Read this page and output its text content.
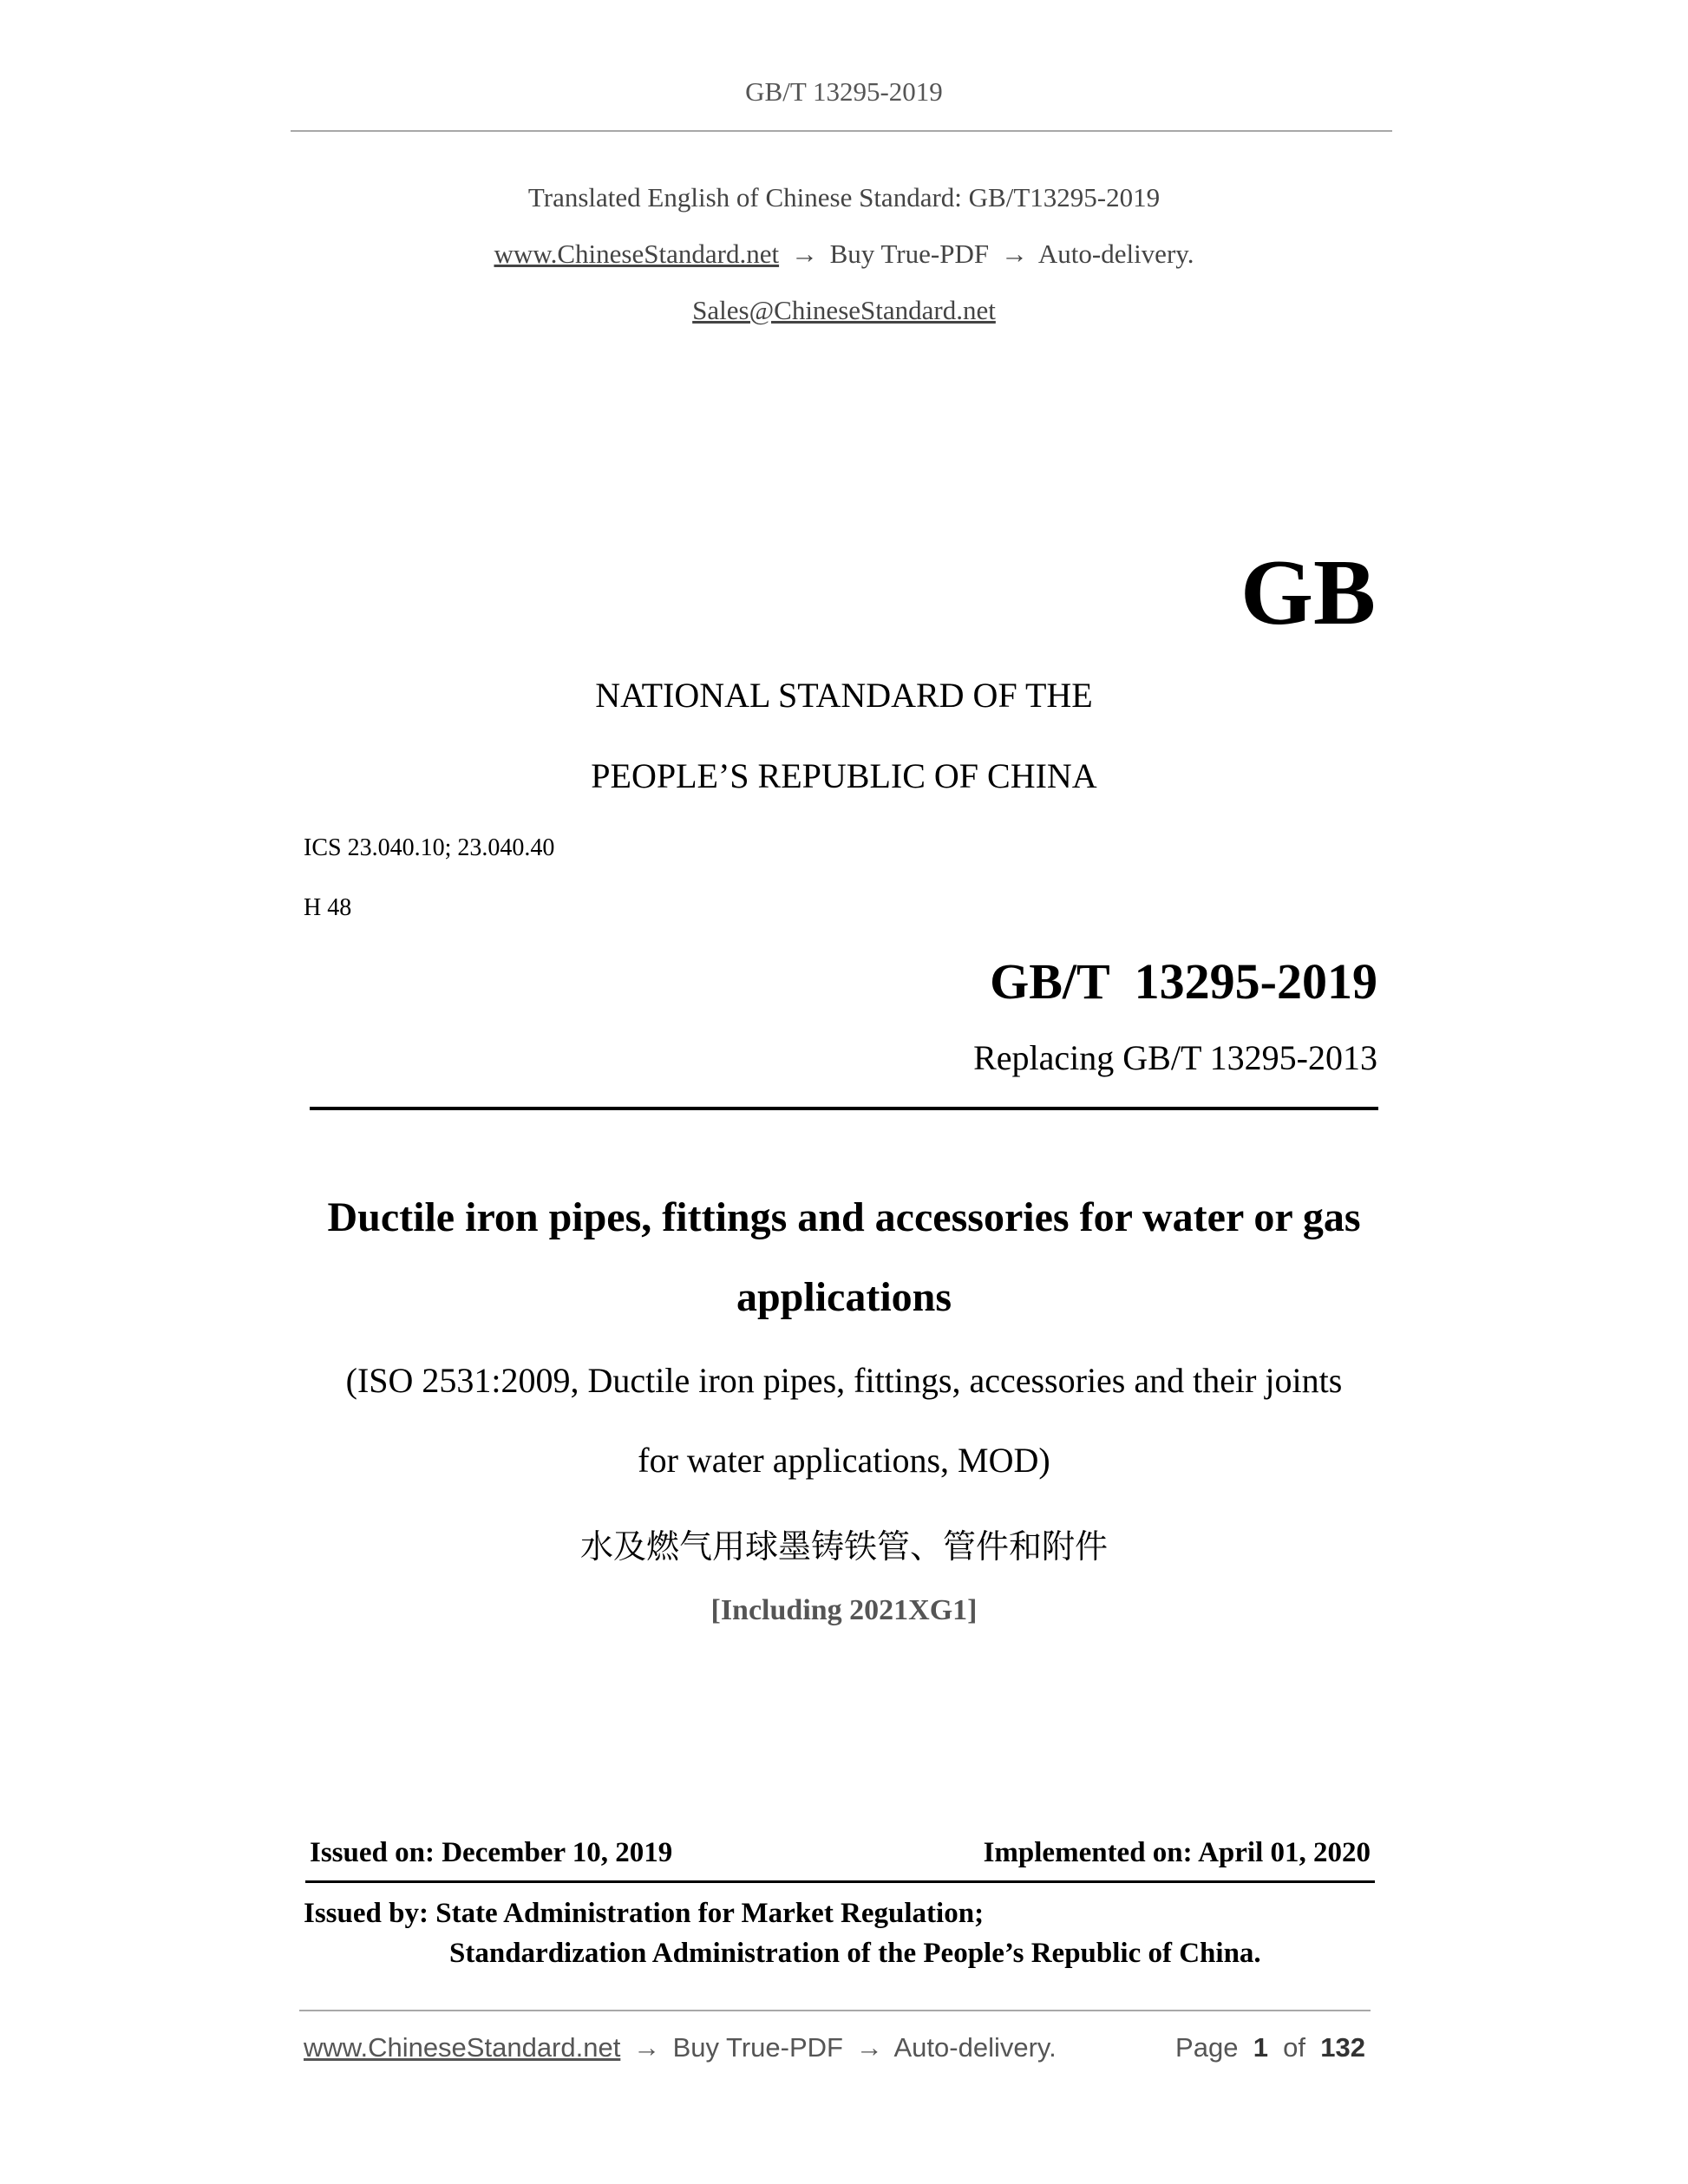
GB/T 13295-2019
Translated English of Chinese Standard: GB/T13295-2019
www.ChineseStandard.net → Buy True-PDF → Auto-delivery.
Sales@ChineseStandard.net
GB
NATIONAL STANDARD OF THE
PEOPLE’S REPUBLIC OF CHINA
ICS 23.040.10; 23.040.40
H 48
GB/T  13295-2019
Replacing GB/T 13295-2013
Ductile iron pipes, fittings and accessories for water or gas
applications
(ISO 2531:2009, Ductile iron pipes, fittings, accessories and their joints
for water applications, MOD)
水及燃气用球墨铸铁管、管件和附件
[Including 2021XG1]
Issued on: December 10, 2019	Implemented on: April 01, 2020
Issued by: State Administration for Market Regulation;
Standardization Administration of the People’s Republic of China.
www.ChineseStandard.net → Buy True-PDF → Auto-delivery.	Page 1 of 132
